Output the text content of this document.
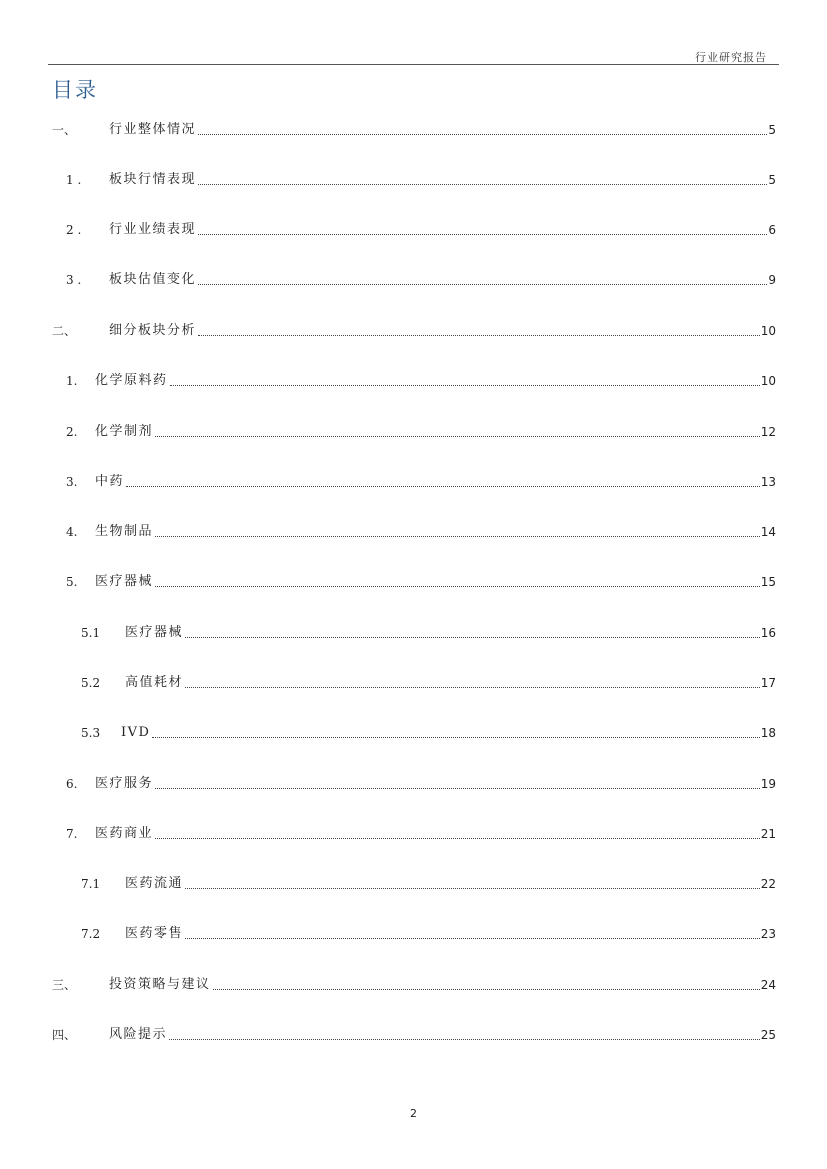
行业研究报告
目录
一、	行业整体情况	5
1 .	板块行情表现	5
2 .	行业业绩表现	6
3 .	板块估值变化	9
二、	细分板块分析	10
1.	化学原料药	10
2.	化学制剂	12
3.	中药	13
4.	生物制品	14
5.	医疗器械	15
5.1	医疗器械	16
5.2	高值耗材	17
5.3	IVD	18
6.	医疗服务	19
7.	医药商业	21
7.1	医药流通	22
7.2	医药零售	23
三、	投资策略与建议	24
四、	风险提示	25
2
